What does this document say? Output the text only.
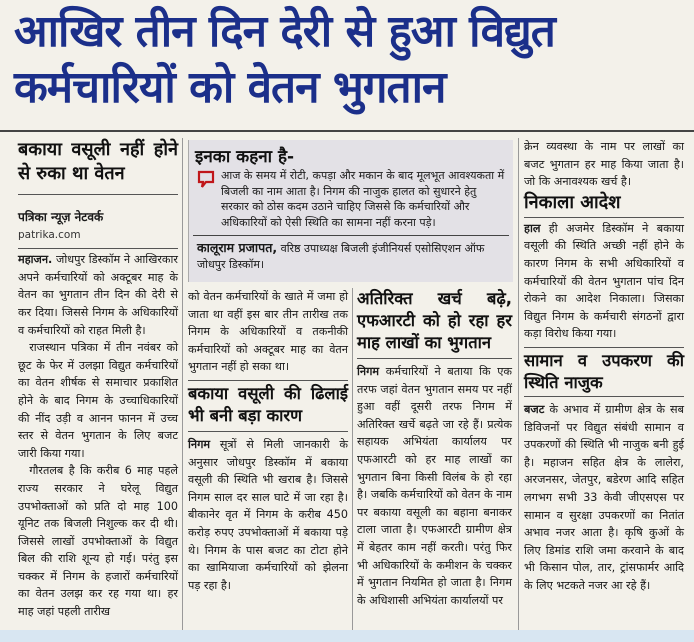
आखिर तीन दिन देरी से हुआ विद्युत
कर्मचारियों को वेतन भुगतान
बकाया वसूली नहीं होने से रुका था वेतन
पत्रिका न्यूज़ नेटवर्क
patrika.com

महाजन. जोधपुर डिस्कॉम ने आखिरकार अपने कर्मचारियों को अक्टूबर माह के वेतन का भुगतान तीन दिन की देरी से कर दिया। जिससे निगम के अधिकारियों व कर्मचारियों को राहत मिली है।

राजस्थान पत्रिका में तीन नवंबर को छूट के फेर में उलझा विद्युत कर्मचारियों का वेतन शीर्षक से समाचार प्रकाशित होने के बाद निगम के उच्चाधिकारियों की नींद उड़ी व आनन फानन में उच्च स्तर से वेतन भुगतान के लिए बजट जारी किया गया।

गौरतलब है कि करीब 6 माह पहले राज्य सरकार ने घरेलू विद्युत उपभोक्ताओं को प्रति दो माह 100 यूनिट तक बिजली निशुल्क कर दी थी। जिससे लाखों उपभोक्ताओं के विद्युत बिल की राशि शून्य हो गई। परंतु इस चक्कर में निगम के हजारों कर्मचारियों का वेतन उलझ कर रह गया था। हर माह जहां पहली तारीख

इनका कहना है-
आज के समय में रोटी, कपड़ा और मकान के बाद मूलभूत आवश्यकता में बिजली का नाम आता है। निगम की नाजुक हालत को सुधारने हेतु सरकार को ठोस कदम उठाने चाहिए जिससे कि कर्मचारियों और अधिकारियों को ऐसी स्थिति का सामना नहीं करना पड़े।
कालूराम प्रजापत, वरिष्ठ उपाध्यक्ष बिजली इंजीनियर्स एसोसिएशन ऑफ जोधपुर डिस्कॉम।

को वेतन कर्मचारियों के खाते में जमा हो जाता था वहीं इस बार तीन तारीख तक निगम के अधिकारियों व तकनीकी कर्मचारियों को अक्टूबर माह का वेतन भुगतान नहीं हो सका था।

बकाया वसूली की ढिलाई भी बनी बड़ा कारण

निगम सूत्रों से मिली जानकारी के अनुसार जोधपुर डिस्कॉम में बकाया वसूली की स्थिति भी खराब है। जिससे निगम साल दर साल घाटे में जा रहा है। बीकानेर वृत में निगम के करीब 450 करोड़ रुपए उपभोक्ताओं में बकाया पड़े थे। निगम के पास बजट का टोटा होने का खामियाजा कर्मचारियों को झेलना पड़ रहा है।

अतिरिक्त खर्च बढ़े, एफआरटी को हो रहा हर माह लाखों का भुगतान

निगम कर्मचारियों ने बताया कि एक तरफ जहां वेतन भुगतान समय पर नहीं हुआ वहीं दूसरी तरफ निगम में अतिरिक्त खर्चे बढ़ते जा रहे हैं। प्रत्येक सहायक अभियंता कार्यालय पर एफआरटी को हर माह लाखों का भुगतान बिना किसी विलंब के हो रहा है। जबकि कर्मचारियों को वेतन के नाम पर बकाया वसूली का बहाना बनाकर टाला जाता है। एफआरटी ग्रामीण क्षेत्र में बेहतर काम नहीं करती। परंतु फिर भी अधिकारियों के कमीशन के चक्कर में भुगतान नियमित हो जाता है। निगम के अधिशासी अभियंता कार्यालयों पर

क्रेन व्यवस्था के नाम पर लाखों का बजट भुगतान हर माह किया जाता है। जो कि अनावश्यक खर्च है।

निकाला आदेश

हाल ही अजमेर डिस्कॉम ने बकाया वसूली की स्थिति अच्छी नहीं होने के कारण निगम के सभी अधिकारियों व कर्मचारियों की वेतन भुगतान पांच दिन रोकने का आदेश निकाला। जिसका विद्युत निगम के कर्मचारी संगठनों द्वारा कड़ा विरोध किया गया।

सामान व उपकरण की स्थिति नाजुक

बजट के अभाव में ग्रामीण क्षेत्र के सब डिविजनों पर विद्युत संबंधी सामान व उपकरणों की स्थिति भी नाजुक बनी हुई है। महाजन सहित क्षेत्र के लालेरा, अरजनसर, जेतपुर, बडेरण आदि सहित लगभग सभी 33 केवी जीएसएस पर सामान व सुरक्षा उपकरणों का नितांत अभाव नजर आता है। कृषि कुओं के लिए डिमांड राशि जमा करवाने के बाद भी किसान पोल, तार, ट्रांसफार्मर आदि के लिए भटकते नजर आ रहे हैं।
